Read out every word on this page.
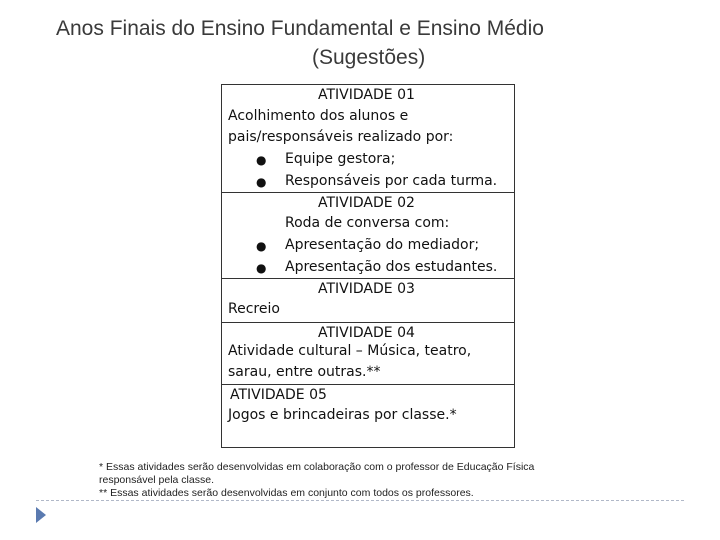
Anos Finais do Ensino Fundamental e Ensino Médio
(Sugestões)
ATIVIDADE 01
Acolhimento dos alunos e
pais/responsáveis realizado por:
● Equipe gestora;
● Responsáveis por cada turma.
ATIVIDADE 02
Roda de conversa com:
● Apresentação do mediador;
● Apresentação dos estudantes.
ATIVIDADE 03
Recreio
ATIVIDADE 04
Atividade cultural – Música, teatro,
sarau, entre outras.**
ATIVIDADE 05
Jogos e brincadeiras por classe.*
* Essas atividades serão desenvolvidas em colaboração com o professor de Educação Física
responsável pela classe.
** Essas atividades serão desenvolvidas em conjunto com todos os professores.
